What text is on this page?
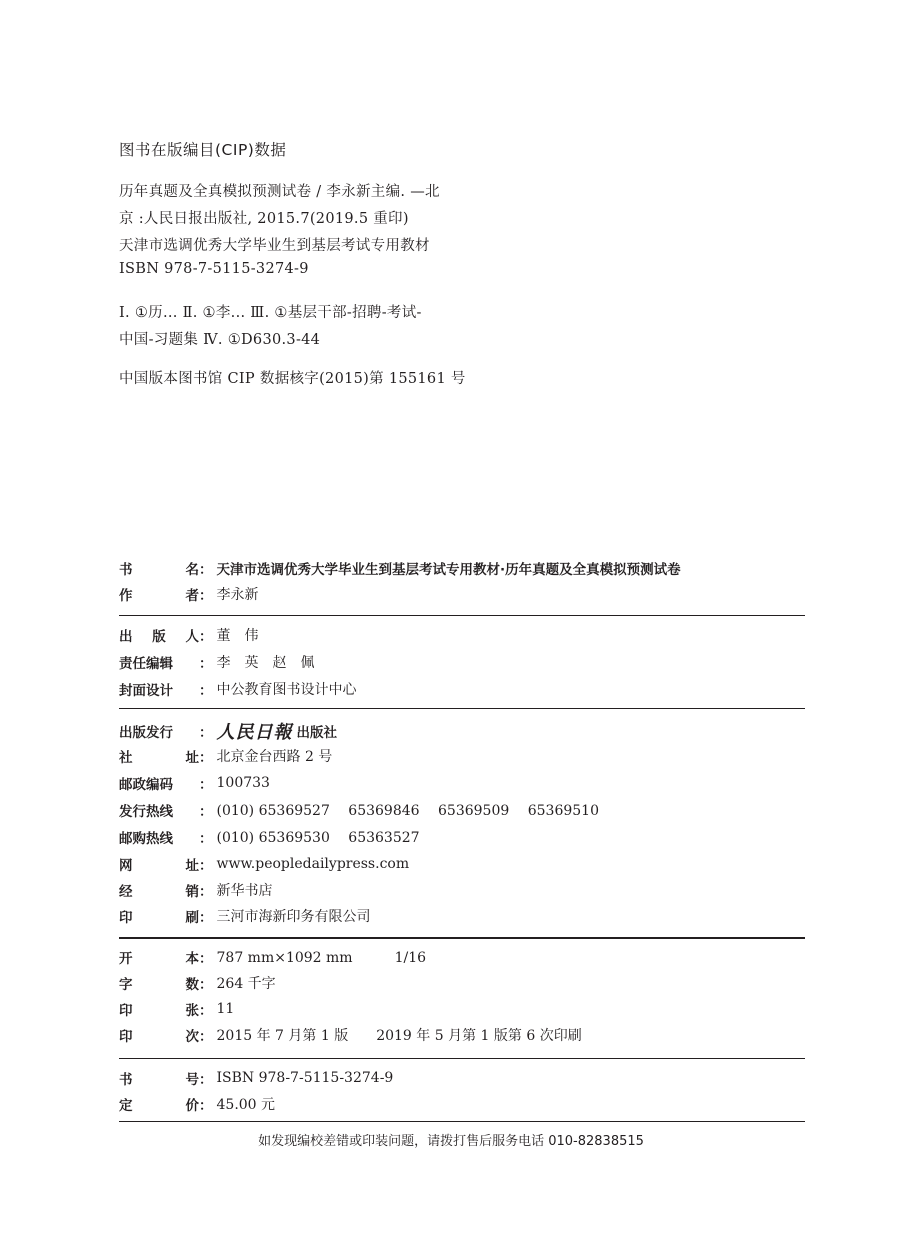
图书在版编目(CIP)数据
历年真题及全真模拟预测试卷 / 李永新主编. —北
京 :人民日报出版社, 2015.7(2019.5 重印)
天津市选调优秀大学毕业生到基层考试专用教材
ISBN 978-7-5115-3274-9
Ⅰ. ①历... Ⅱ. ①李... Ⅲ. ①基层干部-招聘-考试-
中国-习题集 Ⅳ. ①D630.3-44
中国版本图书馆 CIP 数据核字(2015)第 155161 号
书	名 ： 天津市选调优秀大学毕业生到基层考试专用教材·历年真题及全真模拟预测试卷
作	者 ： 李永新
出 版 人 ： 董　伟
责任编辑	： 李　英　赵　佩
封面设计	： 中公教育图书设计中心
出版发行	： 人民日報 出版社
社	址 ： 北京金台西路 2 号
邮政编码	： 100733
发行热线	： (010) 65369527　 65369846　 65369509　 65369510
邮购热线	： (010) 65369530　 65363527
网	址 ： www.peopledailypress.com
经	销 ： 新华书店
印	刷 ： 三河市海新印务有限公司
开	本 ： 787 mm×1092 mm　　　1/16
字	数 ： 264 千字
印	张 ： 11
印	次 ： 2015 年 7 月第 1 版　　2019 年 5 月第 1 版第 6 次印刷
书	号 ： ISBN 978-7-5115-3274-9
定	价 ： 45.00 元
如发现编校差错或印装问题，请拨打售后服务电话 010-82838515
